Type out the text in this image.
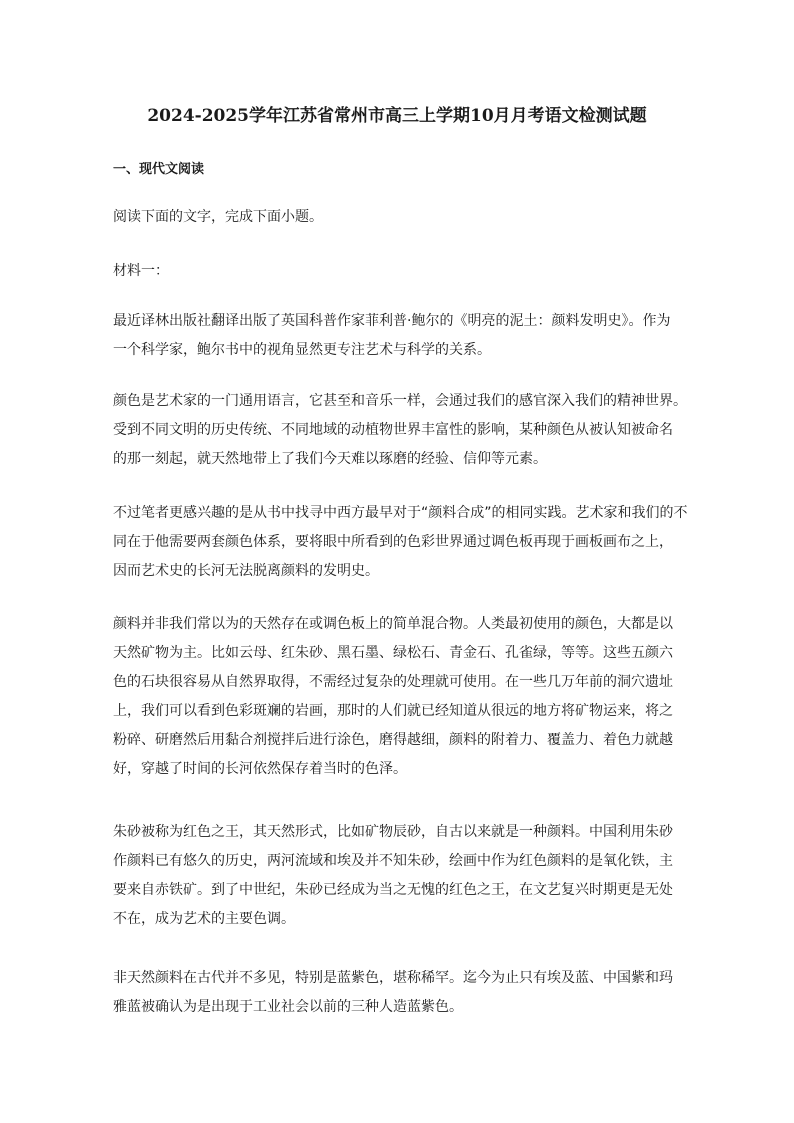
2024-2025学年江苏省常州市高三上学期10月月考语文检测试题
一、现代文阅读
阅读下面的文字，完成下面小题。
材料一：
最近译林出版社翻译出版了英国科普作家菲利普·鲍尔的《明亮的泥土：颜料发明史》。作为
一个科学家，鲍尔书中的视角显然更专注艺术与科学的关系。
颜色是艺术家的一门通用语言，它甚至和音乐一样，会通过我们的感官深入我们的精神世界。
受到不同文明的历史传统、不同地域的动植物世界丰富性的影响，某种颜色从被认知被命名
的那一刻起，就天然地带上了我们今天难以琢磨的经验、信仰等元素。
不过笔者更感兴趣的是从书中找寻中西方最早对于“颜料合成”的相同实践。艺术家和我们的不
同在于他需要两套颜色体系，要将眼中所看到的色彩世界通过调色板再现于画板画布之上，
因而艺术史的长河无法脱离颜料的发明史。
颜料并非我们常以为的天然存在或调色板上的简单混合物。人类最初使用的颜色，大都是以
天然矿物为主。比如云母、红朱砂、黑石墨、绿松石、青金石、孔雀绿，等等。这些五颜六
色的石块很容易从自然界取得，不需经过复杂的处理就可使用。在一些几万年前的洞穴遗址
上，我们可以看到色彩斑斓的岩画，那时的人们就已经知道从很远的地方将矿物运来，将之
粉碎、研磨然后用黏合剂搅拌后进行涂色，磨得越细，颜料的附着力、覆盖力、着色力就越
好，穿越了时间的长河依然保存着当时的色泽。
朱砂被称为红色之王，其天然形式，比如矿物辰砂，自古以来就是一种颜料。中国利用朱砂
作颜料已有悠久的历史，两河流域和埃及并不知朱砂，绘画中作为红色颜料的是氧化铁，主
要来自赤铁矿。到了中世纪，朱砂已经成为当之无愧的红色之王，在文艺复兴时期更是无处
不在，成为艺术的主要色调。
非天然颜料在古代并不多见，特别是蓝紫色，堪称稀罕。迄今为止只有埃及蓝、中国紫和玛
雅蓝被确认为是出现于工业社会以前的三种人造蓝紫色。
